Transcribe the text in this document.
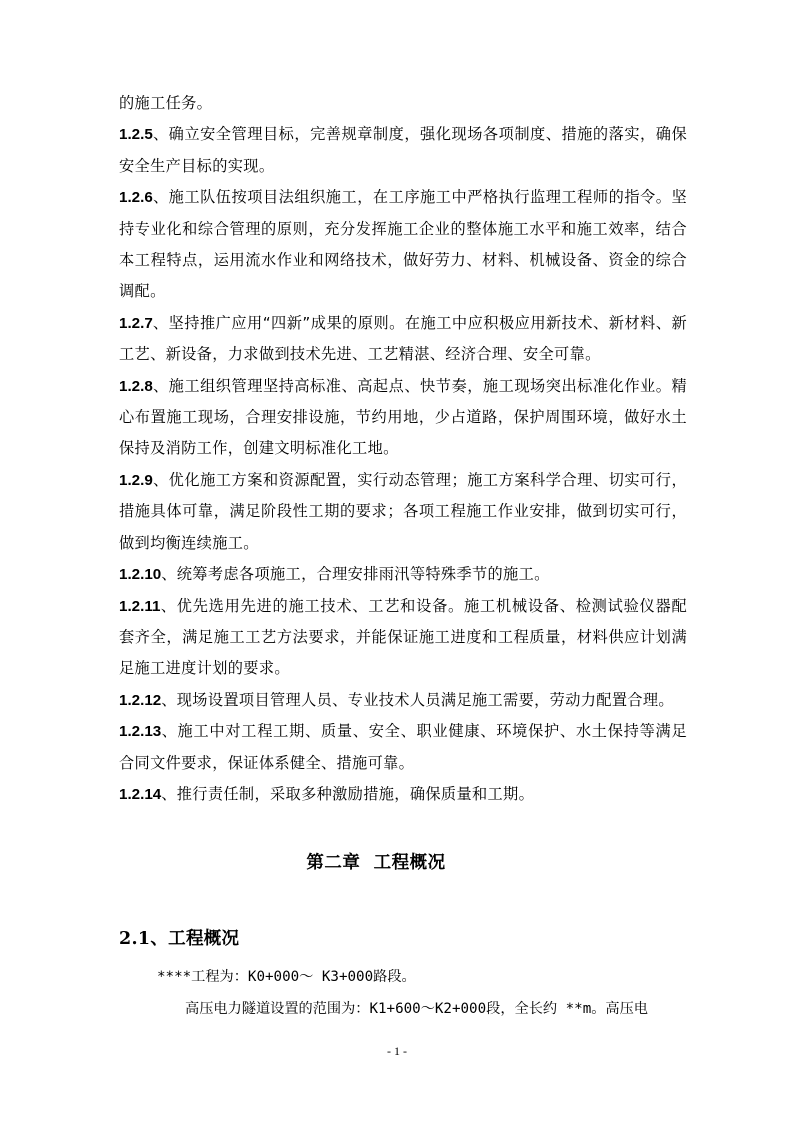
的施工任务。

1.2.5、确立安全管理目标，完善规章制度，强化现场各项制度、措施的落实，确保安全生产目标的实现。

1.2.6、施工队伍按项目法组织施工，在工序施工中严格执行监理工程师的指令。坚持专业化和综合管理的原则，充分发挥施工企业的整体施工水平和施工效率，结合本工程特点，运用流水作业和网络技术，做好劳力、材料、机械设备、资金的综合调配。

1.2.7、坚持推广应用“四新”成果的原则。在施工中应积极应用新技术、新材料、新工艺、新设备，力求做到技术先进、工艺精湛、经济合理、安全可靠。

1.2.8、施工组织管理坚持高标准、高起点、快节奏，施工现场突出标准化作业。精心布置施工现场，合理安排设施，节约用地，少占道路，保护周围环境，做好水土保持及消防工作，创建文明标准化工地。

1.2.9、优化施工方案和资源配置，实行动态管理；施工方案科学合理、切实可行，措施具体可靠，满足阶段性工期的要求；各项工程施工作业安排，做到切实可行，做到均衡连续施工。

1.2.10、统筹考虑各项施工，合理安排雨汛等特殊季节的施工。

1.2.11、优先选用先进的施工技术、工艺和设备。施工机械设备、检测试验仪器配套齐全，满足施工工艺方法要求，并能保证施工进度和工程质量，材料供应计划满足施工进度计划的要求。

1.2.12、现场设置项目管理人员、专业技术人员满足施工需要，劳动力配置合理。

1.2.13、施工中对工程工期、质量、安全、职业健康、环境保护、水土保持等满足合同文件要求，保证体系健全、措施可靠。

1.2.14、推行责任制，采取多种激励措施，确保质量和工期。

第二章  工程概况
2.1、工程概况
****工程为：K0+000～ K3+000路段。
高压电力隧道设置的范围为：K1+600～K2+000段，全长约 **m。高压电
- 1 -
